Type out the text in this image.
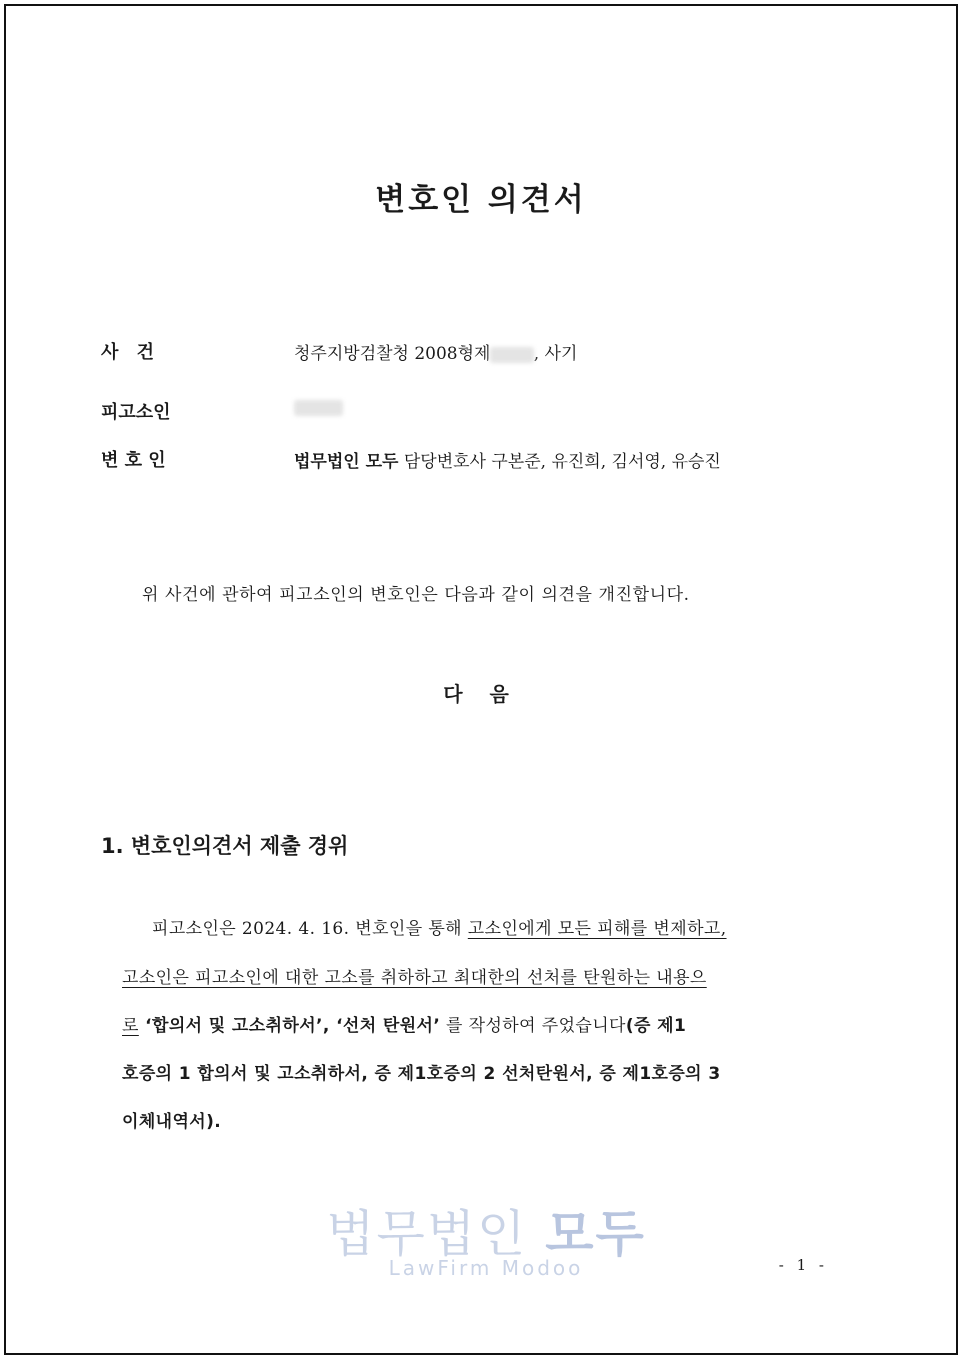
변호인 의견서
사 건	청주지방검찰청 2008형제	, 사기
피고소인
변 호 인	법무법인 모두 담당변호사 구본준, 유진희, 김서영, 유승진
위 사건에 관하여 피고소인의 변호인은 다음과 같이 의견을 개진합니다.
다 음
1. 변호인의견서 제출 경위
피고소인은 2024. 4. 16. 변호인을 통해 고소인에게 모든 피해를 변제하고,
고소인은 피고소인에 대한 고소를 취하하고 최대한의 선처를 탄원하는 내용으
로 ‘합의서 및 고소취하서’, ‘선처 탄원서’ 를 작성하여 주었습니다(증 제1
호증의 1 합의서 및 고소취하서, 증 제1호증의 2 선처탄원서, 증 제1호증의 3
이체내역서).
법무법인 모두
LawFirm Modoo	- 1 -
